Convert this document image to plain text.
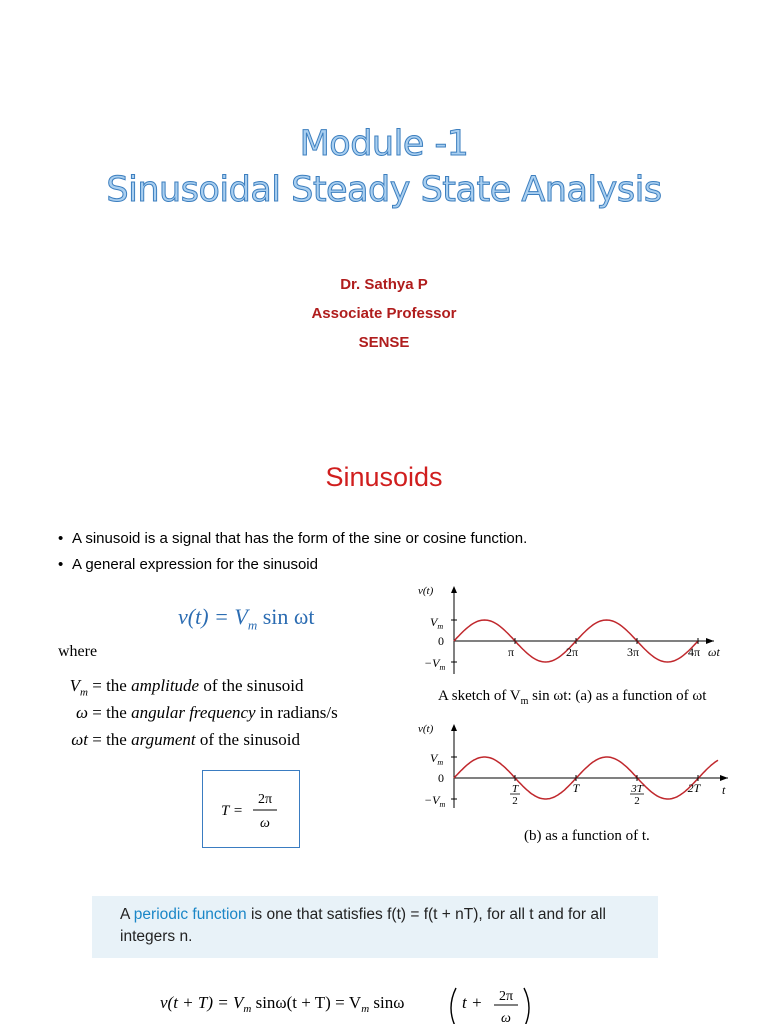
Module -1
Sinusoidal Steady State Analysis
Dr. Sathya P
Associate Professor
SENSE
Sinusoids
• A sinusoid is a signal that has the form of the sine or cosine function.
• A general expression for the sinusoid
$v(t) = V_m$ sin ωt
where
$V_m$ = the amplitude of the sinusoid
ω = the angular frequency in radians/s
ωt = the argument of the sinusoid
T =
2π
ω
v(t)
$V_m$
0
$-V_m$
π	2π	3π	4π ωt
A sketch of $V_m$ sin ωt: (a) as a function of ωt
v(t)
$V_m$
0
$-V_m$
T
2
T	3T
2
2T t
(b) as a function of t.
A periodic function is one that satisfies f(t) = f(t + nT), for all t and for all integers n.
$v(t + T) = V_m$ $\sin\omega(t + T) = V_m$ sinω	t + 2π
ω
